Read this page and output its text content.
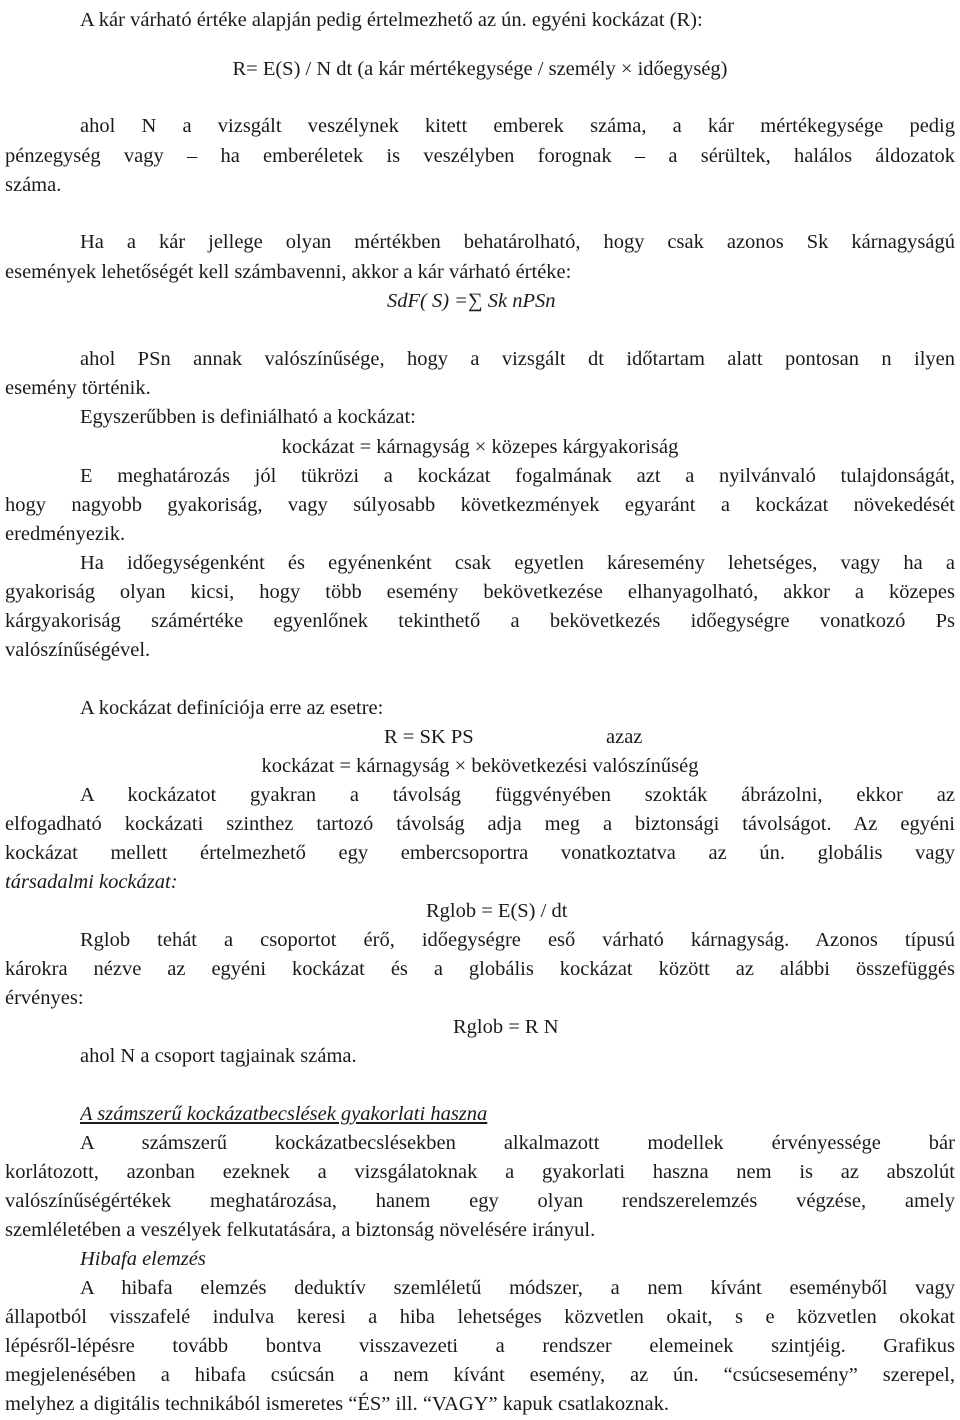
A kár várható értéke alapján pedig értelmezhető az ún. egyéni kockázat (R):
R= E(S) / N dt (a kár mértékegysége / személy × időegység)
ahol N a vizsgált veszélynek kitett emberek száma, a kár mértékegysége pedig
pénzegység vagy – ha emberéletek is veszélyben forognak – a sérültek, halálos áldozatok
száma.
Ha a kár jellege olyan mértékben behatárolható, hogy csak azonos Sk kárnagyságú
események lehetőségét kell számbavenni, akkor a kár várható értéke:
SdF( S) =∑ Sk nPSn
ahol PSn annak valószínűsége, hogy a vizsgált dt időtartam alatt pontosan n ilyen
esemény történik.
Egyszerűbben is definiálható a kockázat:
kockázat = kárnagyság × közepes kárgyakoriság
E meghatározás jól tükrözi a kockázat fogalmának azt a nyilvánvaló tulajdonságát,
hogy nagyobb gyakoriság, vagy súlyosabb következmények egyaránt a kockázat növekedését
eredményezik.
Ha időegységenként és egyénenként csak egyetlen káresemény lehetséges, vagy ha a
gyakoriság olyan kicsi, hogy több esemény bekövetkezése elhanyagolható, akkor a közepes
kárgyakoriság számértéke egyenlőnek tekinthető a bekövetkezés időegységre vonatkozó Ps
valószínűségével.
A kockázat definíciója erre az esetre:
R = SK PS	azaz
kockázat = kárnagyság × bekövetkezési valószínűség
A kockázatot gyakran a távolság függvényében szokták ábrázolni, ekkor az
elfogadható kockázati szinthez tartozó távolság adja meg a biztonsági távolságot. Az egyéni
kockázat mellett értelmezhető egy embercsoportra vonatkoztatva az ún. globális vagy
társadalmi kockázat:
Rglob = E(S) / dt
Rglob tehát a csoportot érő, időegységre eső várható kárnagyság. Azonos típusú
károkra nézve az egyéni kockázat és a globális kockázat között az alábbi összefüggés
érvényes:
Rglob = R N
ahol N a csoport tagjainak száma.
A számszerű kockázatbecslések gyakorlati haszna
A számszerű kockázatbecslésekben alkalmazott modellek érvényessége bár
korlátozott, azonban ezeknek a vizsgálatoknak a gyakorlati haszna nem is az abszolút
valószínűségértékek meghatározása, hanem egy olyan rendszerelemzés végzése, amely
szemléletében a veszélyek felkutatására, a biztonság növelésére irányul.
Hibafa elemzés
A hibafa elemzés deduktív szemléletű módszer, a nem kívánt eseményből vagy
állapotból visszafelé indulva keresi a hiba lehetséges közvetlen okait, s e közvetlen okokat
lépésről-lépésre tovább bontva visszavezeti a rendszer elemeinek szintjéig. Grafikus
megjelenésében a hibafa csúcsán a nem kívánt esemény, az ún. “csúcsesemény” szerepel,
melyhez a digitális technikából ismeretes “ÉS” ill. “VAGY” kapuk csatlakoznak.
